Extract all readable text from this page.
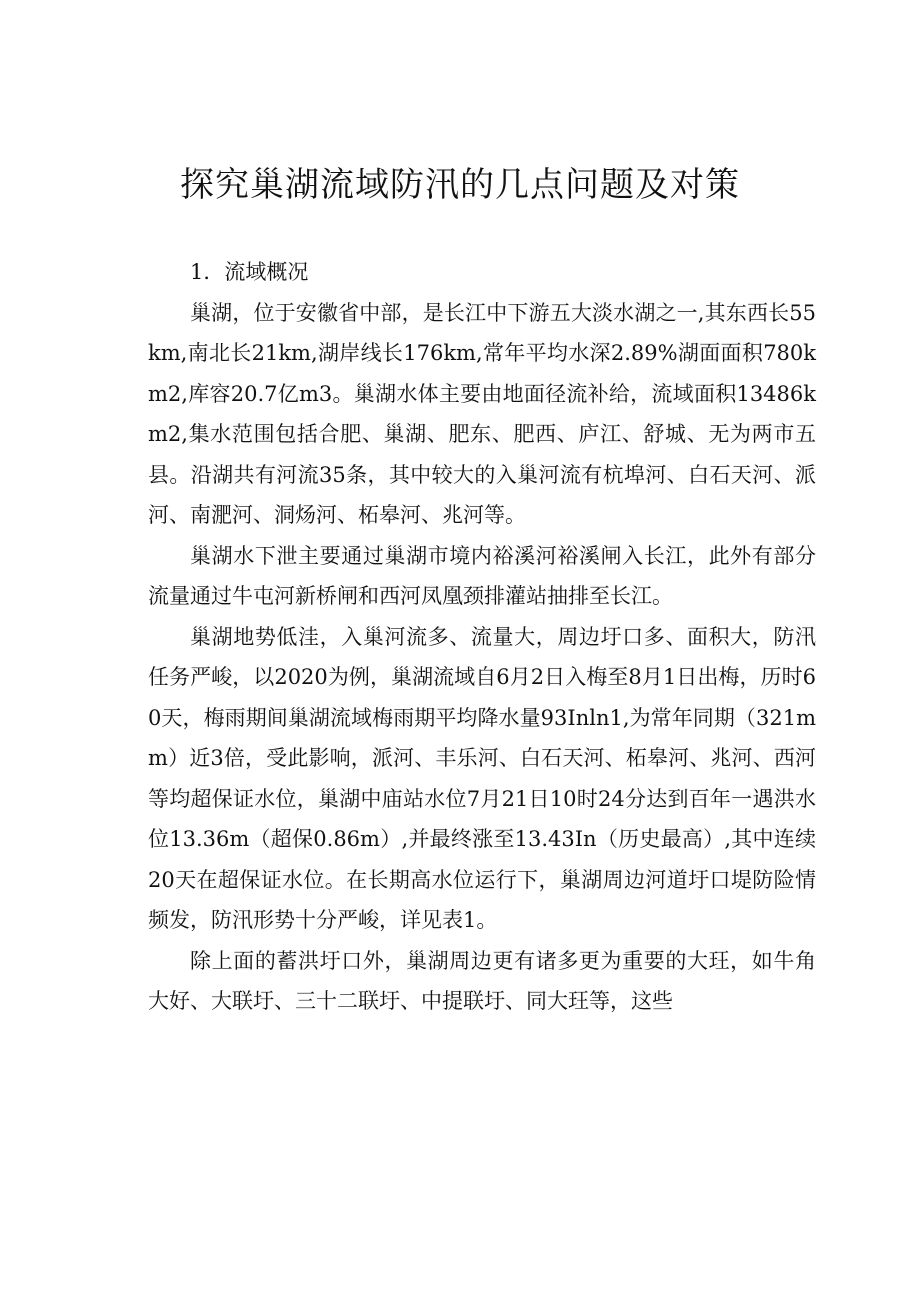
探究巢湖流域防汛的几点问题及对策

1．流域概况

巢湖，位于安徽省中部，是长江中下游五大淡水湖之一,其东西长55km,南北长21km,湖岸线长176km,常年平均水深2.89%湖面面积780km2,库容20.7亿m3。巢湖水体主要由地面径流补给，流域面积13486km2,集水范围包括合肥、巢湖、肥东、肥西、庐江、舒城、无为两市五县。沿湖共有河流35条，其中较大的入巢河流有杭埠河、白石天河、派河、南淝河、洞炀河、柘皋河、兆河等。

巢湖水下泄主要通过巢湖市境内裕溪河裕溪闸入长江，此外有部分流量通过牛屯河新桥闸和西河凤凰颈排灌站抽排至长江。

巢湖地势低洼，入巢河流多、流量大，周边圩口多、面积大，防汛任务严峻，以2020为例，巢湖流域自6月2日入梅至8月1日出梅，历时60天，梅雨期间巢湖流域梅雨期平均降水量93Inln1,为常年同期（321mm）近3倍，受此影响，派河、丰乐河、白石天河、柘皋河、兆河、西河等均超保证水位，巢湖中庙站水位7月21日10时24分达到百年一遇洪水位13.36m（超保0.86m）,并最终涨至13.43In（历史最高）,其中连续20天在超保证水位。在长期高水位运行下，巢湖周边河道圩口堤防险情频发，防汛形势十分严峻，详见表1。

除上面的蓄洪圩口外，巢湖周边更有诸多更为重要的大玨，如牛角大好、大联圩、三十二联圩、中提联圩、同大玨等，这些
